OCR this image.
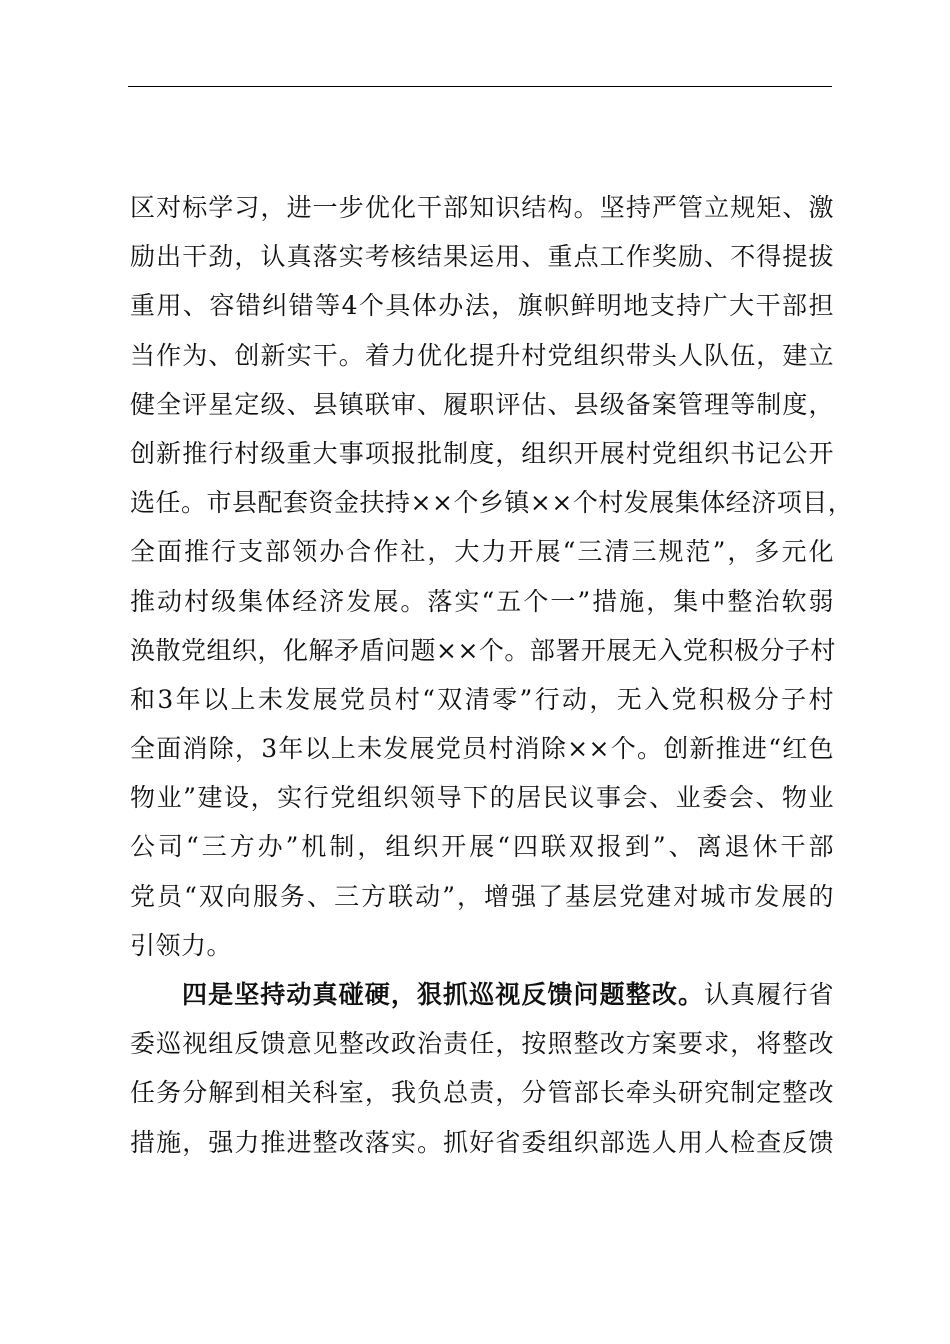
区对标学习，进一步优化干部知识结构。坚持严管立规矩、激
励出干劲，认真落实考核结果运用、重点工作奖励、不得提拔
重用、容错纠错等4个具体办法，旗帜鲜明地支持广大干部担
当作为、创新实干。着力优化提升村党组织带头人队伍，建立
健全评星定级、县镇联审、履职评估、县级备案管理等制度，
创新推行村级重大事项报批制度，组织开展村党组织书记公开
选任。市县配套资金扶持××个乡镇××个村发展集体经济项目，
全面推行支部领办合作社，大力开展“三清三规范”，多元化
推动村级集体经济发展。落实“五个一”措施，集中整治软弱
涣散党组织，化解矛盾问题××个。部署开展无入党积极分子村
和3年以上未发展党员村“双清零”行动，无入党积极分子村
全面消除，3年以上未发展党员村消除××个。创新推进“红色
物业”建设，实行党组织领导下的居民议事会、业委会、物业
公司“三方办”机制，组织开展“四联双报到”、离退休干部
党员“双向服务、三方联动”，增强了基层党建对城市发展的
引领力。
四是坚持动真碰硬，狠抓巡视反馈问题整改。认真履行省
委巡视组反馈意见整改政治责任，按照整改方案要求，将整改
任务分解到相关科室，我负总责，分管部长牵头研究制定整改
措施，强力推进整改落实。抓好省委组织部选人用人检查反馈
